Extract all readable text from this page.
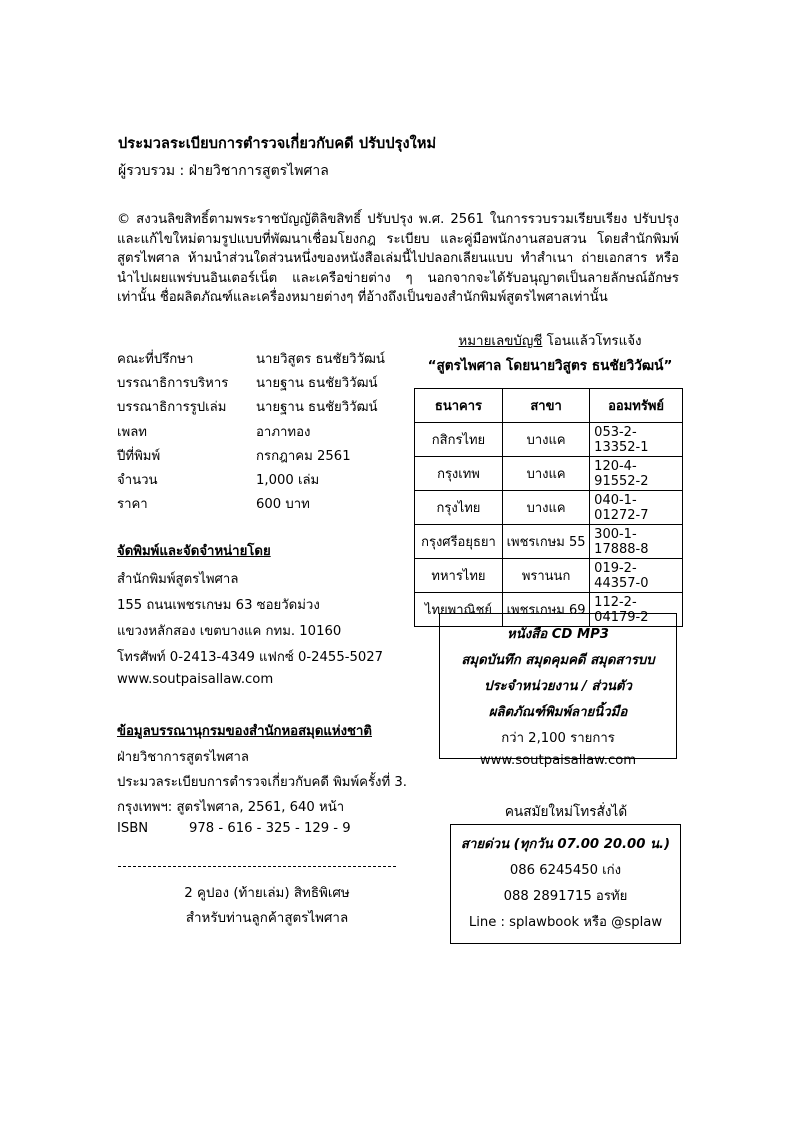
ประมวลระเบียบการตำรวจเกี่ยวกับคดี ปรับปรุงใหม่
ผู้รวบรวม : ฝ่ายวิชาการสูตรไพศาล

© สงวนลิขสิทธิ์ตามพระราชบัญญัติลิขสิทธิ์ ปรับปรุง พ.ศ. 2561 ในการรวบรวมเรียบเรียง ปรับปรุงและแก้ไขใหม่ตามรูปแบบที่พัฒนาเชื่อมโยงกฎ ระเบียบ และคู่มือพนักงานสอบสวน โดยสำนักพิมพ์สูตรไพศาล ห้ามนำส่วนใดส่วนหนึ่งของหนังสือเล่มนี้ไปปลอกเลียนแบบ ทำสำเนา ถ่ายเอกสาร หรือนำไปเผยแพร่บนอินเตอร์เน็ต และเครือข่ายต่าง ๆ นอกจากจะได้รับอนุญาตเป็นลายลักษณ์อักษรเท่านั้น ชื่อผลิตภัณฑ์และเครื่องหมายต่างๆ ที่อ้างถึงเป็นของสำนักพิมพ์สูตรไพศาลเท่านั้น

คณะที่ปรึกษา	นายวิสูตร ธนชัยวิวัฒน์
บรรณาธิการบริหาร	นายฐาน ธนชัยวิวัฒน์
บรรณาธิการรูปเล่ม	นายฐาน ธนชัยวิวัฒน์
เพลท	อาภาทอง
ปีที่พิมพ์	กรกฎาคม 2561
จำนวน	1,000 เล่ม
ราคา	600 บาท
จัดพิมพ์และจัดจำหน่ายโดย
สำนักพิมพ์สูตรไพศาล
155 ถนนเพชรเกษม 63 ซอยวัดม่วง
แขวงหลักสอง เขตบางแค กทม. 10160
โทรศัพท์ 0-2413-4349 แฟกซ์ 0-2455-5027
www.soutpaisallaw.com
ข้อมูลบรรณานุกรมของสำนักหอสมุดแห่งชาติ
ฝ่ายวิชาการสูตรไพศาล
ประมวลระเบียบการตำรวจเกี่ยวกับคดี พิมพ์ครั้งที่ 3.
กรุงเทพฯ: สูตรไพศาล, 2561, 640 หน้า
ISBN	978 - 616 - 325 - 129 - 9
2 คูปอง (ท้ายเล่ม) สิทธิพิเศษ
สำหรับท่านลูกค้าสูตรไพศาล
หมายเลขบัญชี โอนแล้วโทรแจ้ง
“สูตรไพศาล โดยนายวิสูตร ธนชัยวิวัฒน์”
ธนาคาร	สาขา	ออมทรัพย์
กสิกรไทย	บางแค	053-2-13352-1
กรุงเทพ	บางแค	120-4-91552-2
กรุงไทย	บางแค	040-1-01272-7
กรุงศรีอยุธยา	เพชรเกษม 55	300-1-17888-8
ทหารไทย	พรานนก	019-2-44357-0
ไทยพาณิชย์	เพชรเกษม 69	112-2-04179-2
หนังสือ CD MP3
สมุดบันทึก สมุดคุมคดี สมุดสารบบ
ประจำหน่วยงาน / ส่วนตัว
ผลิตภัณฑ์พิมพ์ลายนิ้วมือ
กว่า 2,100 รายการ
www.soutpaisallaw.com
คนสมัยใหม่โทรสั่งได้
สายด่วน (ทุกวัน 07.00 20.00 น.)
086 6245450 เก่ง
088 2891715 อรทัย
Line : splawbook หรือ @splaw
